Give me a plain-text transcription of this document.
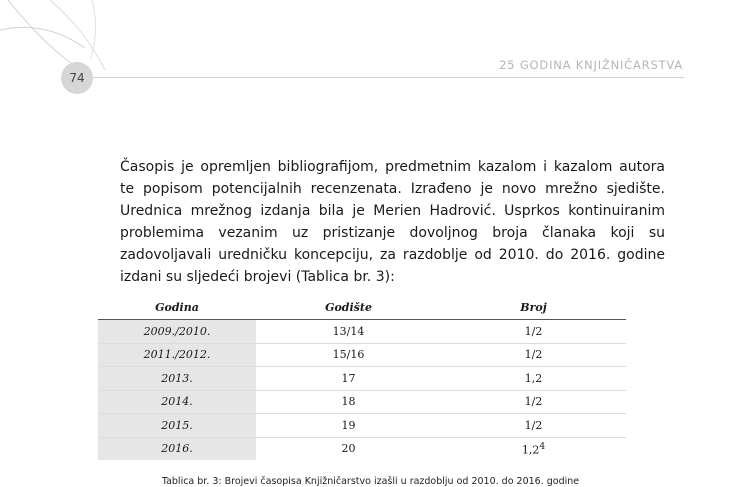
74
25 GODINA KNJIŽNIČARSTVA

Časopis je opremljen bibliografijom, predmetnim kazalom i kazalom autora
te popisom potencijalnih recenzenata. Izrađeno je novo mrežno sjedište.
Urednica mrežnog izdanja bila je Merien Hadrović. Usprkos kontinuiranim
problemima vezanim uz pristizanje dovoljnog broja članaka koji su
zadovoljavali uredničku koncepciju, za razdoblje od 2010. do 2016. godine
izdani su sljedeći brojevi (Tablica br. 3):

Godina	Godište	Broj
2009./2010.	13/14	1/2
2011./2012.	15/16	1/2
2013.	17	1,2
2014.	18	1/2
2015.	19	1/2
2016.	20	$1,2^4$
Tablica br. 3: Brojevi časopisa Knjižničarstvo izašli u razdoblju od 2010. do 2016. godine
